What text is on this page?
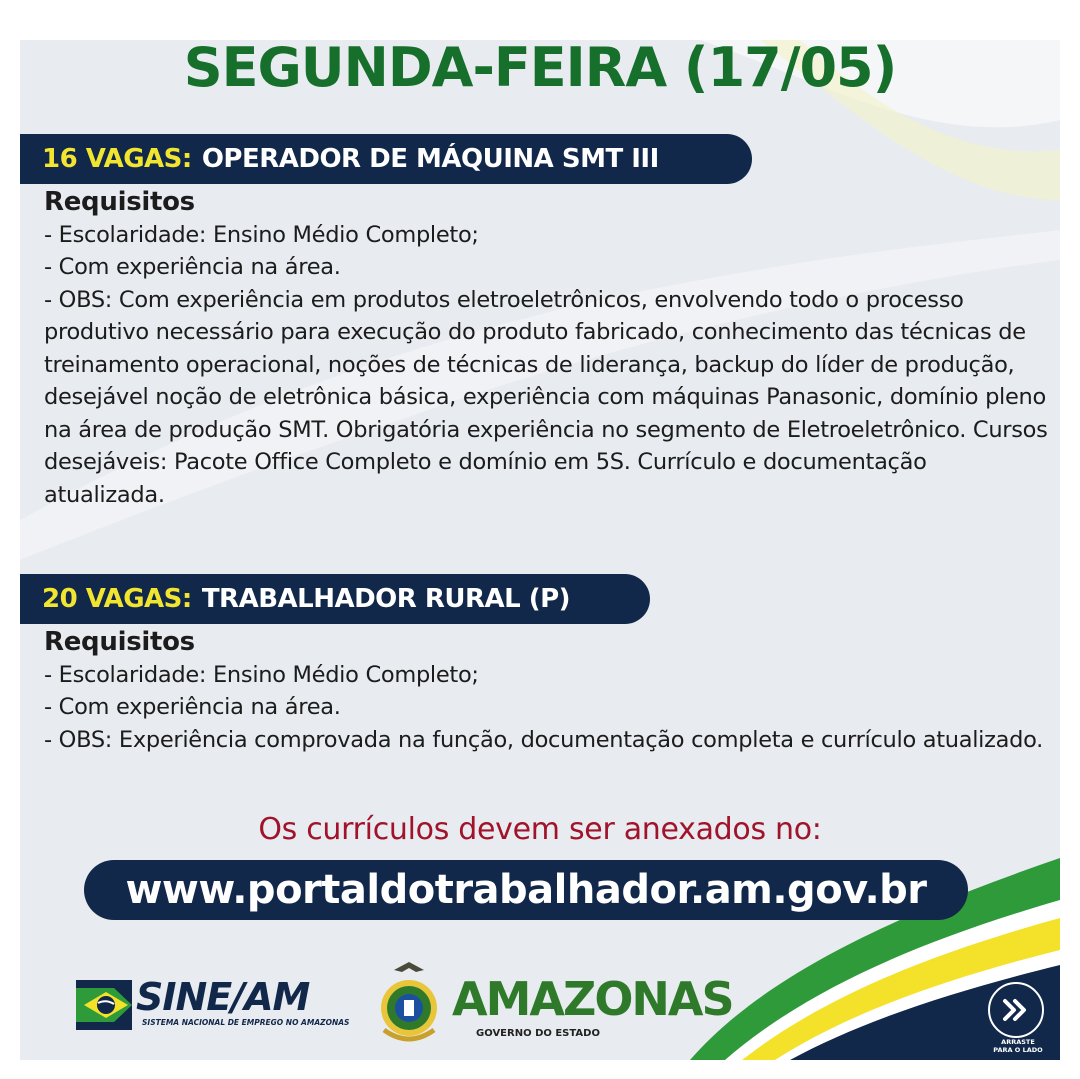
SEGUNDA-FEIRA (17/05)
16 VAGAS: OPERADOR DE MÁQUINA SMT III
Requisitos
- Escolaridade: Ensino Médio Completo;
- Com experiência na área.
- OBS: Com experiência em produtos eletroeletrônicos, envolvendo todo o processo produtivo necessário para execução do produto fabricado, conhecimento das técnicas de treinamento operacional, noções de técnicas de liderança, backup do líder de produção, desejável noção de eletrônica básica, experiência com máquinas Panasonic, domínio pleno na área de produção SMT. Obrigatória experiência no segmento de Eletroeletrônico. Cursos desejáveis: Pacote Office Completo e domínio em 5S. Currículo e documentação atualizada.
20 VAGAS: TRABALHADOR RURAL (P)
Requisitos
- Escolaridade: Ensino Médio Completo;
- Com experiência na área.
- OBS: Experiência comprovada na função, documentação completa e currículo atualizado.
Os currículos devem ser anexados no:
www.portaldotrabalhador.am.gov.br
SINE/AM
SISTEMA NACIONAL DE EMPREGO NO AMAZONAS AMAZONAS
GOVERNO DO ESTADO
ARRASTE
PARA O LADO
